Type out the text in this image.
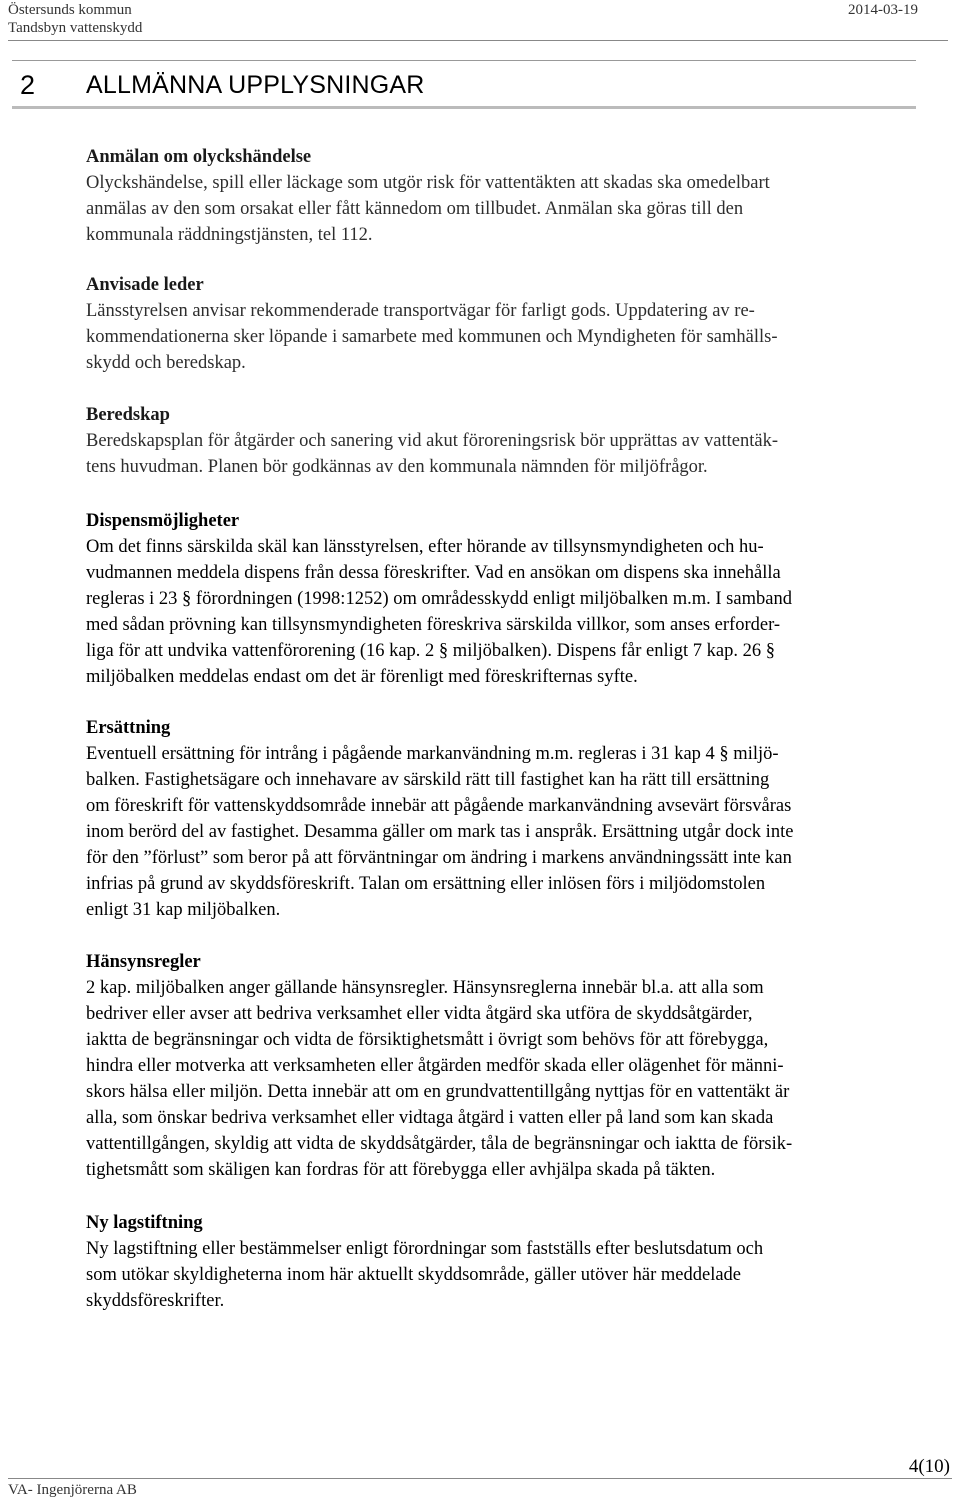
Östersunds kommun
Tandsbyn vattenskydd
2014-03-19
2 ALLMÄNNA UPPLYSNINGAR
Anmälan om olyckshändelse

Olyckshändelse, spill eller läckage som utgör risk för vattentäkten att skadas ska omedelbart

anmälas av den som orsakat eller fått kännedom om tillbudet. Anmälan ska göras till den

kommunala räddningstjänsten, tel 112.

Anvisade leder

Länsstyrelsen anvisar rekommenderade transportvägar för farligt gods. Uppdatering av re-

kommendationerna sker löpande i samarbete med kommunen och Myndigheten för samhälls-

skydd och beredskap.

Beredskap

Beredskapsplan för åtgärder och sanering vid akut föroreningsrisk bör upprättas av vattentäk-

tens huvudman. Planen bör godkännas av den kommunala nämnden för miljöfrågor.

Dispensmöjligheter

Om det finns särskilda skäl kan länsstyrelsen, efter hörande av tillsynsmyndigheten och hu-

vudmannen meddela dispens från dessa föreskrifter. Vad en ansökan om dispens ska innehålla

regleras i 23 § förordningen (1998:1252) om områdesskydd enligt miljöbalken m.m. I samband

med sådan prövning kan tillsynsmyndigheten föreskriva särskilda villkor, som anses erforder-

liga för att undvika vattenförorening (16 kap. 2 § miljöbalken). Dispens får enligt 7 kap. 26 §

miljöbalken meddelas endast om det är förenligt med föreskrifternas syfte.

Ersättning

Eventuell ersättning för intrång i pågående markanvändning m.m. regleras i 31 kap 4 § miljö-

balken. Fastighetsägare och innehavare av särskild rätt till fastighet kan ha rätt till ersättning

om föreskrift för vattenskyddsområde innebär att pågående markanvändning avsevärt försvåras

inom berörd del av fastighet. Desamma gäller om mark tas i anspråk. Ersättning utgår dock inte

för den ”förlust” som beror på att förväntningar om ändring i markens användningssätt inte kan

infrias på grund av skyddsföreskrift. Talan om ersättning eller inlösen förs i miljödomstolen

enligt 31 kap miljöbalken.

Hänsynsregler

2 kap. miljöbalken anger gällande hänsynsregler. Hänsynsreglerna innebär bl.a. att alla som

bedriver eller avser att bedriva verksamhet eller vidta åtgärd ska utföra de skyddsåtgärder,

iaktta de begränsningar och vidta de försiktighetsmått i övrigt som behövs för att förebygga,

hindra eller motverka att verksamheten eller åtgärden medför skada eller olägenhet för männi-

skors hälsa eller miljön. Detta innebär att om en grundvattentillgång nyttjas för en vattentäkt är

alla, som önskar bedriva verksamhet eller vidtaga åtgärd i vatten eller på land som kan skada

vattentillgången, skyldig att vidta de skyddsåtgärder, tåla de begränsningar och iaktta de försik-

tighetsmått som skäligen kan fordras för att förebygga eller avhjälpa skada på täkten.

Ny lagstiftning

Ny lagstiftning eller bestämmelser enligt förordningar som fastställs efter beslutsdatum och

som utökar skyldigheterna inom här aktuellt skyddsområde, gäller utöver här meddelade

skyddsföreskrifter.

4(10)
VA- Ingenjörerna AB
